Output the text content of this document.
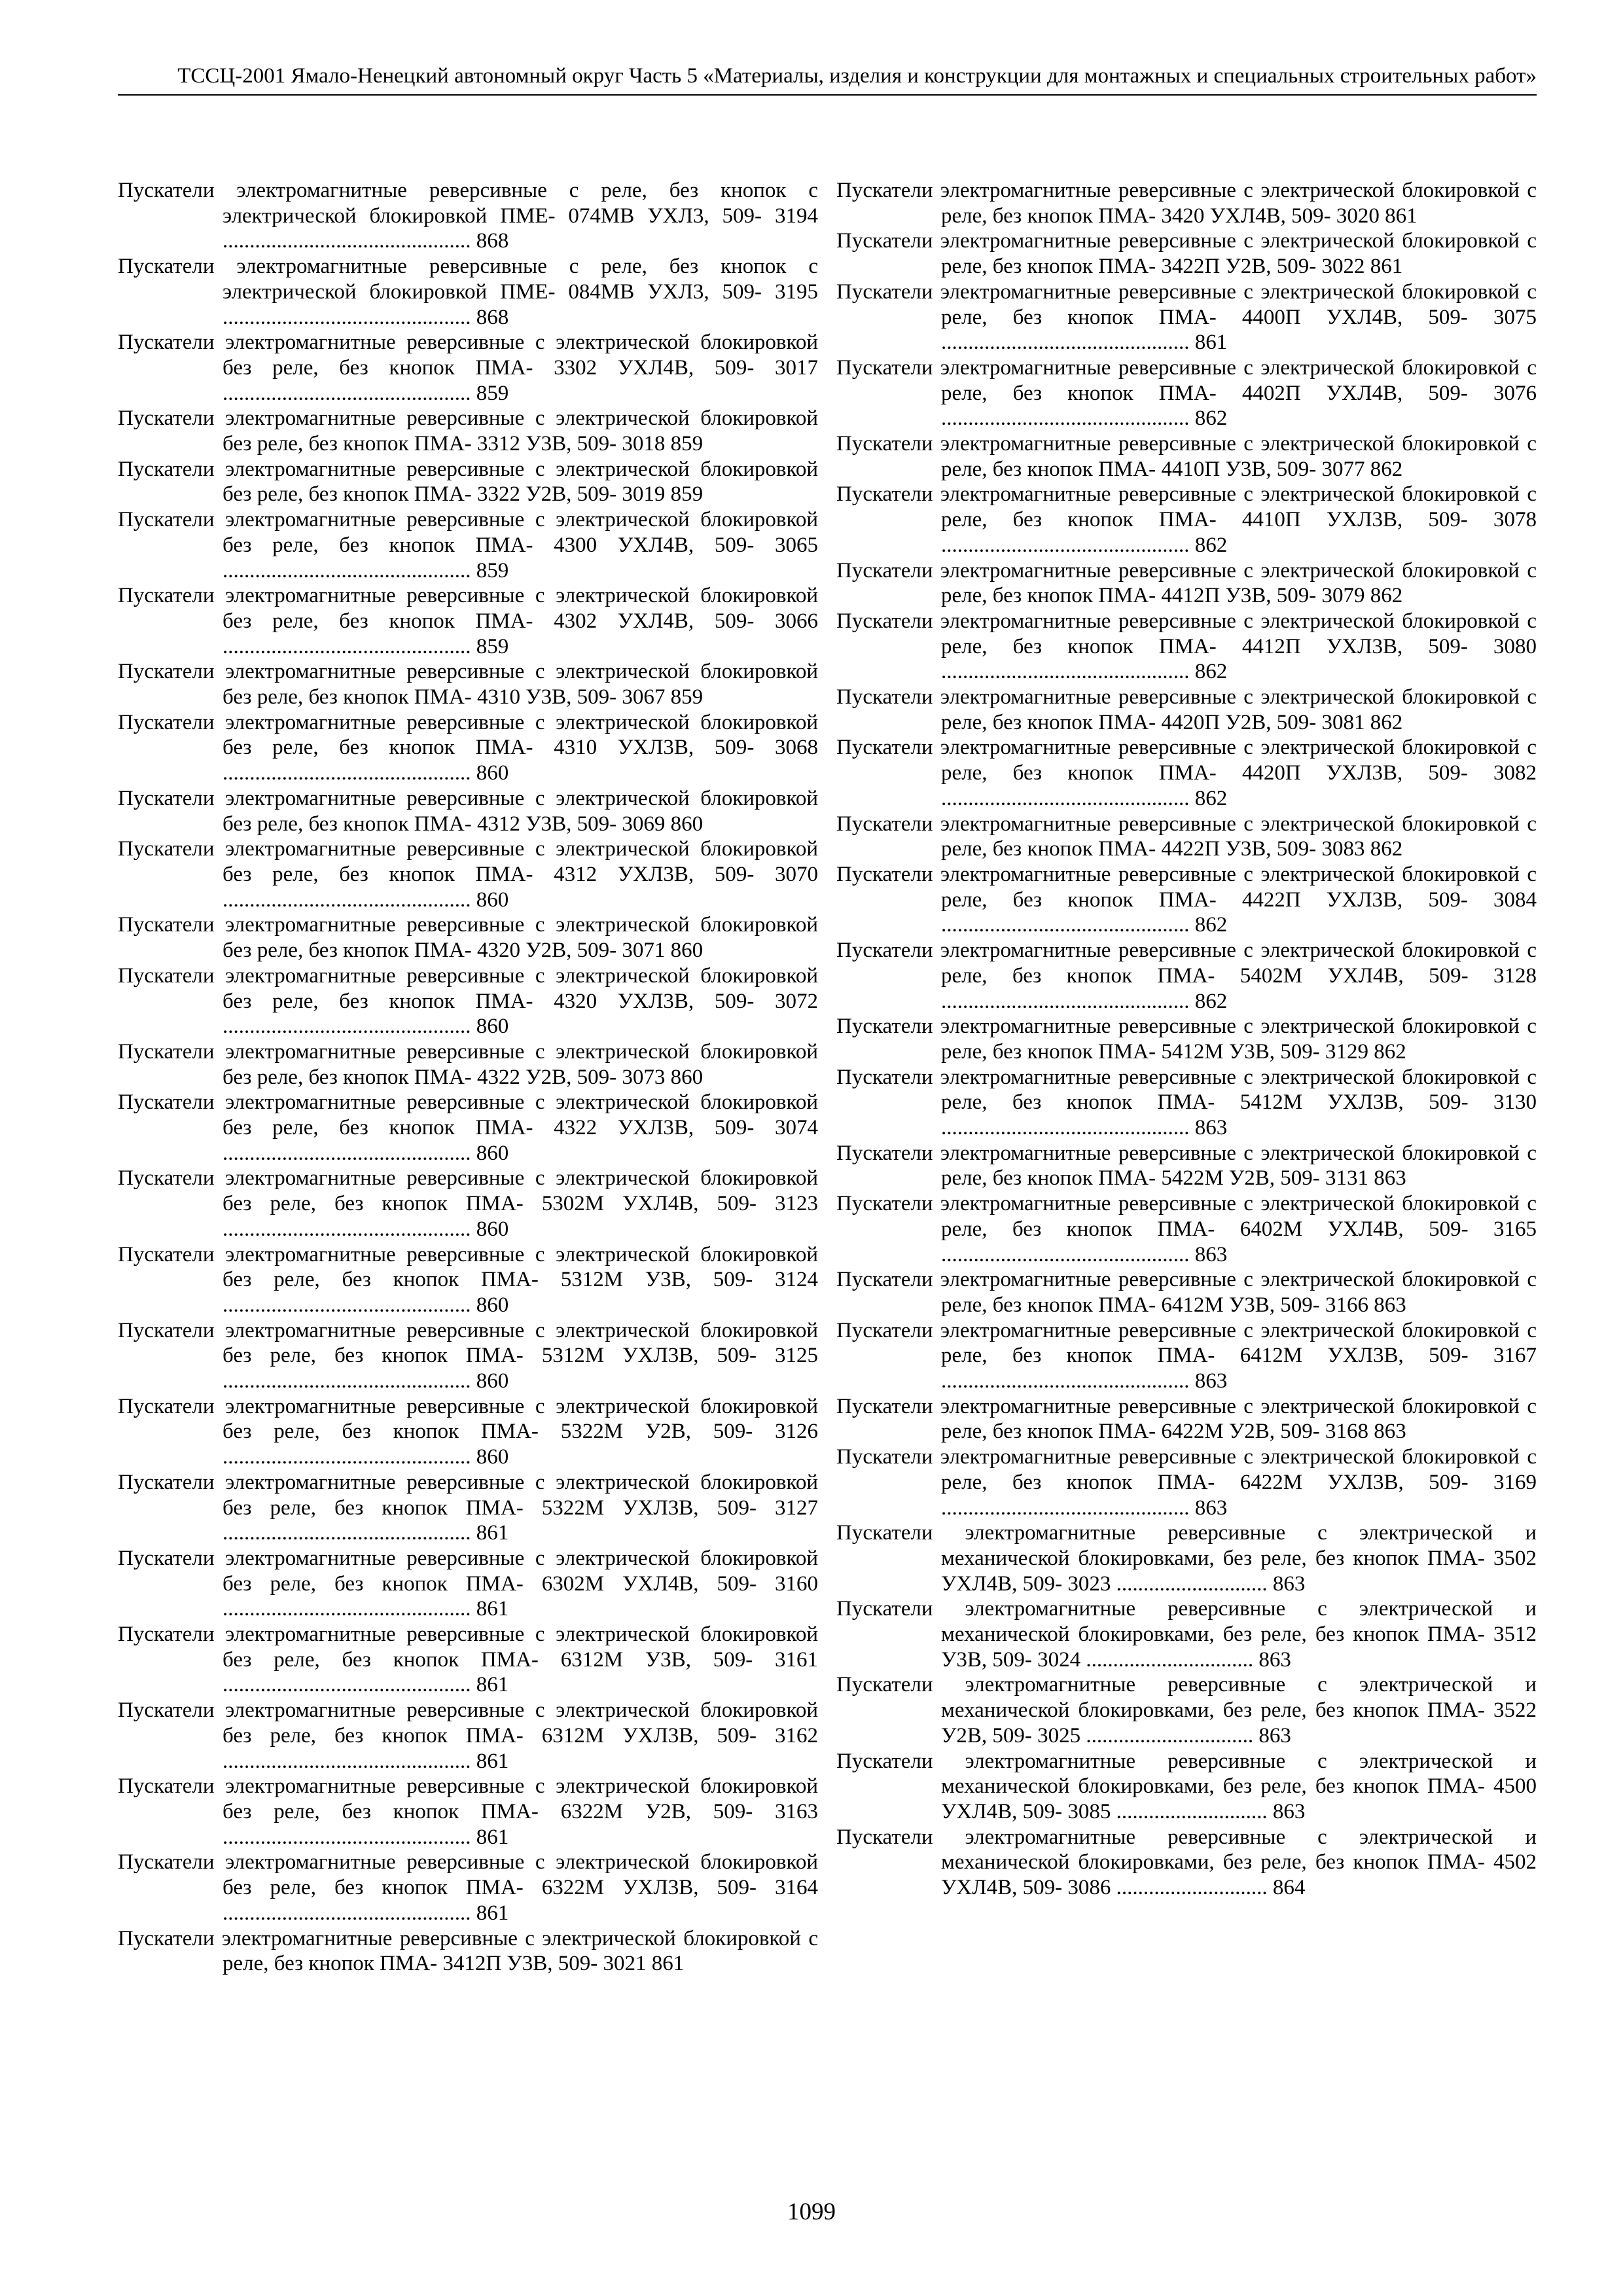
ТССЦ-2001 Ямало-Ненецкий автономный округ Часть 5 «Материалы, изделия и конструкции для монтажных и специальных строительных работ»

Пускатели электромагнитные реверсивные с реле, без кнопок с электрической блокировкой ПМЕ- 074МВ УХЛ3, 509- 3194 .............................................. 868

Пускатели электромагнитные реверсивные с реле, без кнопок с электрической блокировкой ПМЕ- 084МВ УХЛ3, 509- 3195 .............................................. 868

Пускатели электромагнитные реверсивные с электрической блокировкой без реле, без кнопок ПМА- 3302 УХЛ4В, 509- 3017 .............................................. 859

Пускатели электромагнитные реверсивные с электрической блокировкой без реле, без кнопок ПМА- 3312 У3В, 509- 3018 859

Пускатели электромагнитные реверсивные с электрической блокировкой без реле, без кнопок ПМА- 3322 У2В, 509- 3019 859

Пускатели электромагнитные реверсивные с электрической блокировкой без реле, без кнопок ПМА- 4300 УХЛ4В, 509- 3065 .............................................. 859

Пускатели электромагнитные реверсивные с электрической блокировкой без реле, без кнопок ПМА- 4302 УХЛ4В, 509- 3066 .............................................. 859

Пускатели электромагнитные реверсивные с электрической блокировкой без реле, без кнопок ПМА- 4310 У3В, 509- 3067 859

Пускатели электромагнитные реверсивные с электрической блокировкой без реле, без кнопок ПМА- 4310 УХЛ3В, 509- 3068 .............................................. 860

Пускатели электромагнитные реверсивные с электрической блокировкой без реле, без кнопок ПМА- 4312 У3В, 509- 3069 860

Пускатели электромагнитные реверсивные с электрической блокировкой без реле, без кнопок ПМА- 4312 УХЛ3В, 509- 3070 .............................................. 860

Пускатели электромагнитные реверсивные с электрической блокировкой без реле, без кнопок ПМА- 4320 У2В, 509- 3071 860

Пускатели электромагнитные реверсивные с электрической блокировкой без реле, без кнопок ПМА- 4320 УХЛ3В, 509- 3072 .............................................. 860

Пускатели электромагнитные реверсивные с электрической блокировкой без реле, без кнопок ПМА- 4322 У2В, 509- 3073 860

Пускатели электромагнитные реверсивные с электрической блокировкой без реле, без кнопок ПМА- 4322 УХЛ3В, 509- 3074 .............................................. 860

Пускатели электромагнитные реверсивные с электрической блокировкой без реле, без кнопок ПМА- 5302М УХЛ4В, 509- 3123 .............................................. 860

Пускатели электромагнитные реверсивные с электрической блокировкой без реле, без кнопок ПМА- 5312М У3В, 509- 3124 .............................................. 860

Пускатели электромагнитные реверсивные с электрической блокировкой без реле, без кнопок ПМА- 5312М УХЛ3В, 509- 3125 .............................................. 860

Пускатели электромагнитные реверсивные с электрической блокировкой без реле, без кнопок ПМА- 5322М У2В, 509- 3126 .............................................. 860

Пускатели электромагнитные реверсивные с электрической блокировкой без реле, без кнопок ПМА- 5322М УХЛ3В, 509- 3127 .............................................. 861

Пускатели электромагнитные реверсивные с электрической блокировкой без реле, без кнопок ПМА- 6302М УХЛ4В, 509- 3160 .............................................. 861

Пускатели электромагнитные реверсивные с электрической блокировкой без реле, без кнопок ПМА- 6312М У3В, 509- 3161 .............................................. 861

Пускатели электромагнитные реверсивные с электрической блокировкой без реле, без кнопок ПМА- 6312М УХЛ3В, 509- 3162 .............................................. 861

Пускатели электромагнитные реверсивные с электрической блокировкой без реле, без кнопок ПМА- 6322М У2В, 509- 3163 .............................................. 861

Пускатели электромагнитные реверсивные с электрической блокировкой без реле, без кнопок ПМА- 6322М УХЛ3В, 509- 3164 .............................................. 861

Пускатели электромагнитные реверсивные с электрической блокировкой с реле, без кнопок ПМА- 3412П У3В, 509- 3021 861

Пускатели электромагнитные реверсивные с электрической блокировкой с реле, без кнопок ПМА- 3420 УХЛ4В, 509- 3020 861

Пускатели электромагнитные реверсивные с электрической блокировкой с реле, без кнопок ПМА- 3422П У2В, 509- 3022 861

Пускатели электромагнитные реверсивные с электрической блокировкой с реле, без кнопок ПМА- 4400П УХЛ4В, 509- 3075 .............................................. 861

Пускатели электромагнитные реверсивные с электрической блокировкой с реле, без кнопок ПМА- 4402П УХЛ4В, 509- 3076 .............................................. 862

Пускатели электромагнитные реверсивные с электрической блокировкой с реле, без кнопок ПМА- 4410П У3В, 509- 3077 862

Пускатели электромагнитные реверсивные с электрической блокировкой с реле, без кнопок ПМА- 4410П УХЛ3В, 509- 3078 .............................................. 862

Пускатели электромагнитные реверсивные с электрической блокировкой с реле, без кнопок ПМА- 4412П У3В, 509- 3079 862

Пускатели электромагнитные реверсивные с электрической блокировкой с реле, без кнопок ПМА- 4412П УХЛ3В, 509- 3080 .............................................. 862

Пускатели электромагнитные реверсивные с электрической блокировкой с реле, без кнопок ПМА- 4420П У2В, 509- 3081 862

Пускатели электромагнитные реверсивные с электрической блокировкой с реле, без кнопок ПМА- 4420П УХЛ3В, 509- 3082 .............................................. 862

Пускатели электромагнитные реверсивные с электрической блокировкой с реле, без кнопок ПМА- 4422П У3В, 509- 3083 862

Пускатели электромагнитные реверсивные с электрической блокировкой с реле, без кнопок ПМА- 4422П УХЛ3В, 509- 3084 .............................................. 862

Пускатели электромагнитные реверсивные с электрической блокировкой с реле, без кнопок ПМА- 5402М УХЛ4В, 509- 3128 .............................................. 862

Пускатели электромагнитные реверсивные с электрической блокировкой с реле, без кнопок ПМА- 5412М У3В, 509- 3129 862

Пускатели электромагнитные реверсивные с электрической блокировкой с реле, без кнопок ПМА- 5412М УХЛ3В, 509- 3130 .............................................. 863

Пускатели электромагнитные реверсивные с электрической блокировкой с реле, без кнопок ПМА- 5422М У2В, 509- 3131 863

Пускатели электромагнитные реверсивные с электрической блокировкой с реле, без кнопок ПМА- 6402М УХЛ4В, 509- 3165 .............................................. 863

Пускатели электромагнитные реверсивные с электрической блокировкой с реле, без кнопок ПМА- 6412М У3В, 509- 3166 863

Пускатели электромагнитные реверсивные с электрической блокировкой с реле, без кнопок ПМА- 6412М УХЛ3В, 509- 3167 .............................................. 863

Пускатели электромагнитные реверсивные с электрической блокировкой с реле, без кнопок ПМА- 6422М У2В, 509- 3168 863

Пускатели электромагнитные реверсивные с электрической блокировкой с реле, без кнопок ПМА- 6422М УХЛ3В, 509- 3169 .............................................. 863

Пускатели электромагнитные реверсивные с электрической и механической блокировками, без реле, без кнопок ПМА- 3502 УХЛ4В, 509- 3023 ............................ 863

Пускатели электромагнитные реверсивные с электрической и механической блокировками, без реле, без кнопок ПМА- 3512 У3В, 509- 3024 ............................... 863

Пускатели электромагнитные реверсивные с электрической и механической блокировками, без реле, без кнопок ПМА- 3522 У2В, 509- 3025 ............................... 863

Пускатели электромагнитные реверсивные с электрической и механической блокировками, без реле, без кнопок ПМА- 4500 УХЛ4В, 509- 3085 ............................ 863

Пускатели электромагнитные реверсивные с электрической и механической блокировками, без реле, без кнопок ПМА- 4502 УХЛ4В, 509- 3086 ............................ 864

1099
